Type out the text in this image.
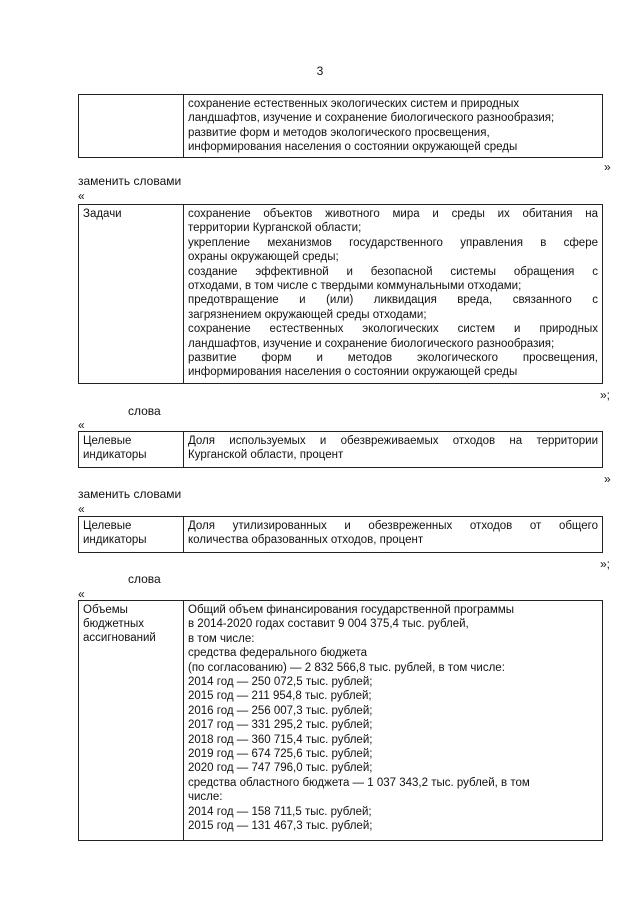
3
сохранение естественных экологических систем и природных
ландшафтов, изучение и сохранение биологического разнообразия;
развитие форм и методов экологического просвещения,
информирования населения о состоянии окружающей среды
»
заменить словами
«
Задачи	сохранение объектов животного мира и среды их обитания на
территории Курганской области;
укрепление механизмов государственного управления в сфере
охраны окружающей среды;
создание эффективной и безопасной системы обращения с
отходами, в том числе с твердыми коммунальными отходами;
предотвращение и (или) ликвидация вреда, связанного с
загрязнением окружающей среды отходами;
сохранение естественных экологических систем и природных
ландшафтов, изучение и сохранение биологического разнообразия;
развитие форм и методов экологического просвещения,
информирования населения о состоянии окружающей среды
»;
слова
«
Целевые индикаторы
Доля используемых и обезвреживаемых отходов на территории
Курганской области, процент
»
заменить словами
«
Целевые индикаторы
Доля утилизированных и обезвреженных отходов от общего
количества образованных отходов, процент
»;
слова
«
Объемы бюджетных ассигнований
Общий объем финансирования государственной программы
в 2014-2020 годах составит 9 004 375,4 тыс. рублей,
в том числе:
средства федерального бюджета
(по согласованию) — 2 832 566,8 тыс. рублей, в том числе:
2014 год — 250 072,5 тыс. рублей;
2015 год — 211 954,8 тыс. рублей;
2016 год — 256 007,3 тыс. рублей;
2017 год — 331 295,2 тыс. рублей;
2018 год — 360 715,4 тыс. рублей;
2019 год — 674 725,6 тыс. рублей;
2020 год — 747 796,0 тыс. рублей;
средства областного бюджета — 1 037 343,2 тыс. рублей, в том
числе:
2014 год — 158 711,5 тыс. рублей;
2015 год — 131 467,3 тыс. рублей;
